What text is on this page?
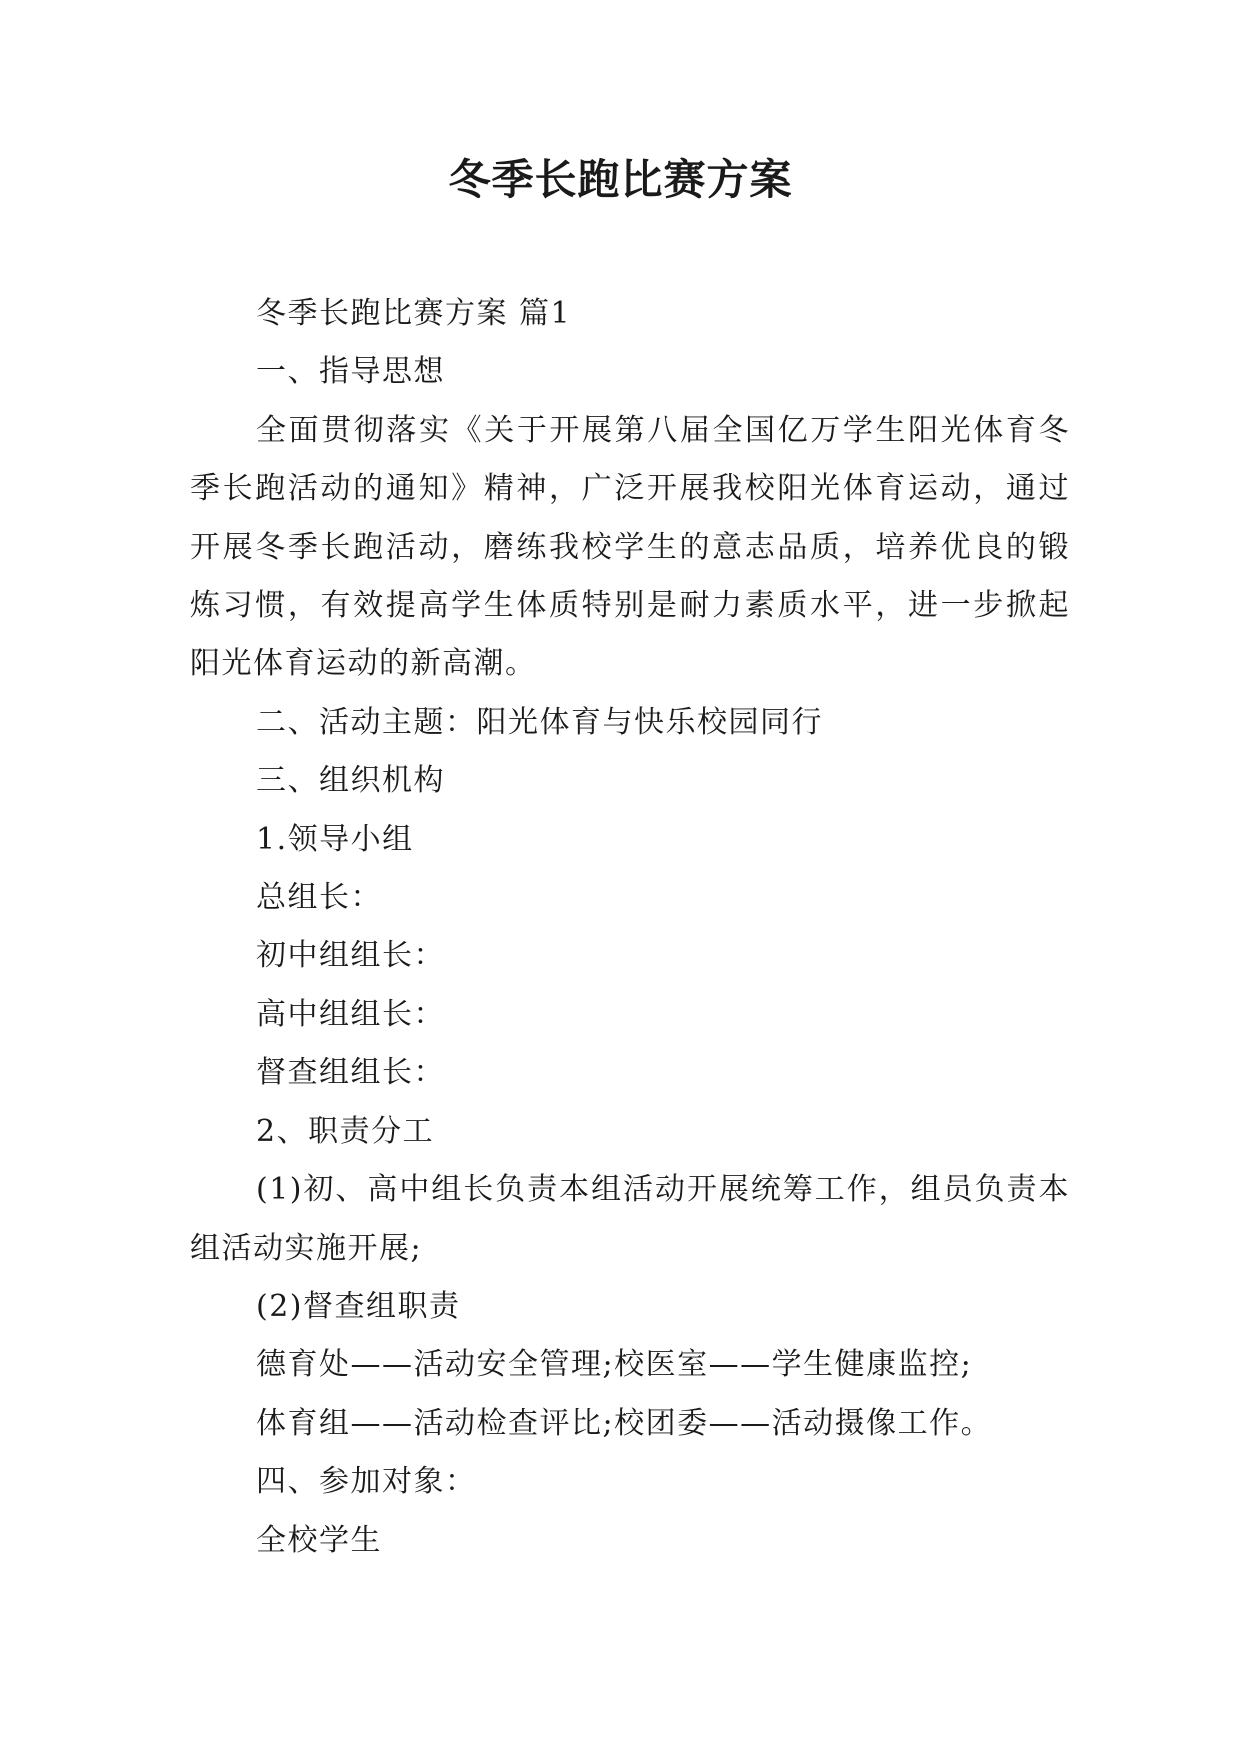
冬季长跑比赛方案

冬季长跑比赛方案 篇1

一、指导思想

全面贯彻落实《关于开展第八届全国亿万学生阳光体育冬季长跑活动的通知》精神，广泛开展我校阳光体育运动，通过开展冬季长跑活动，磨练我校学生的意志品质，培养优良的锻炼习惯，有效提高学生体质特别是耐力素质水平，进一步掀起阳光体育运动的新高潮。

二、活动主题：阳光体育与快乐校园同行

三、组织机构

1.领导小组

总组长：

初中组组长：

高中组组长：

督查组组长：

2、职责分工

(1)初、高中组长负责本组活动开展统筹工作，组员负责本组活动实施开展;

(2)督查组职责

德育处——活动安全管理;校医室——学生健康监控;

体育组——活动检查评比;校团委——活动摄像工作。

四、参加对象：

全校学生
